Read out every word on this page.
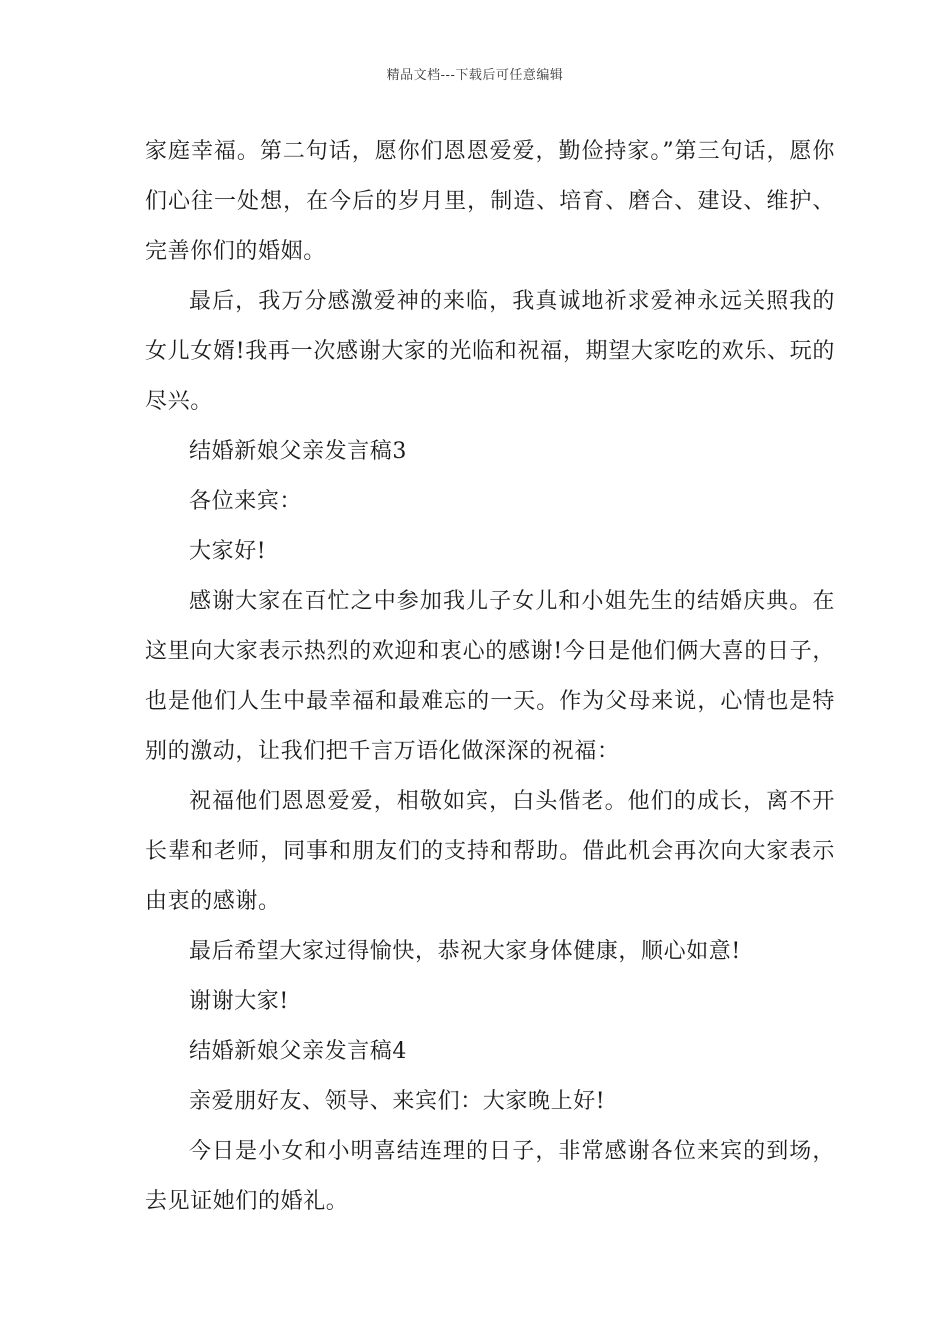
精品文档---下载后可任意编辑

家庭幸福。第二句话，愿你们恩恩爱爱，勤俭持家。”第三句话，愿你们心往一处想，在今后的岁月里，制造、培育、磨合、建设、维护、完善你们的婚姻。

最后，我万分感激爱神的来临，我真诚地祈求爱神永远关照我的女儿女婿!我再一次感谢大家的光临和祝福，期望大家吃的欢乐、玩的尽兴。

结婚新娘父亲发言稿3

各位来宾：

大家好!

感谢大家在百忙之中参加我儿子女儿和小姐先生的结婚庆典。在这里向大家表示热烈的欢迎和衷心的感谢!今日是他们俩大喜的日子，也是他们人生中最幸福和最难忘的一天。作为父母来说，心情也是特别的激动，让我们把千言万语化做深深的祝福：

祝福他们恩恩爱爱，相敬如宾，白头偕老。他们的成长，离不开长辈和老师，同事和朋友们的支持和帮助。借此机会再次向大家表示由衷的感谢。

最后希望大家过得愉快，恭祝大家身体健康，顺心如意!

谢谢大家!

结婚新娘父亲发言稿4

亲爱朋好友、领导、来宾们：大家晚上好!

今日是小女和小明喜结连理的日子，非常感谢各位来宾的到场，去见证她们的婚礼。
